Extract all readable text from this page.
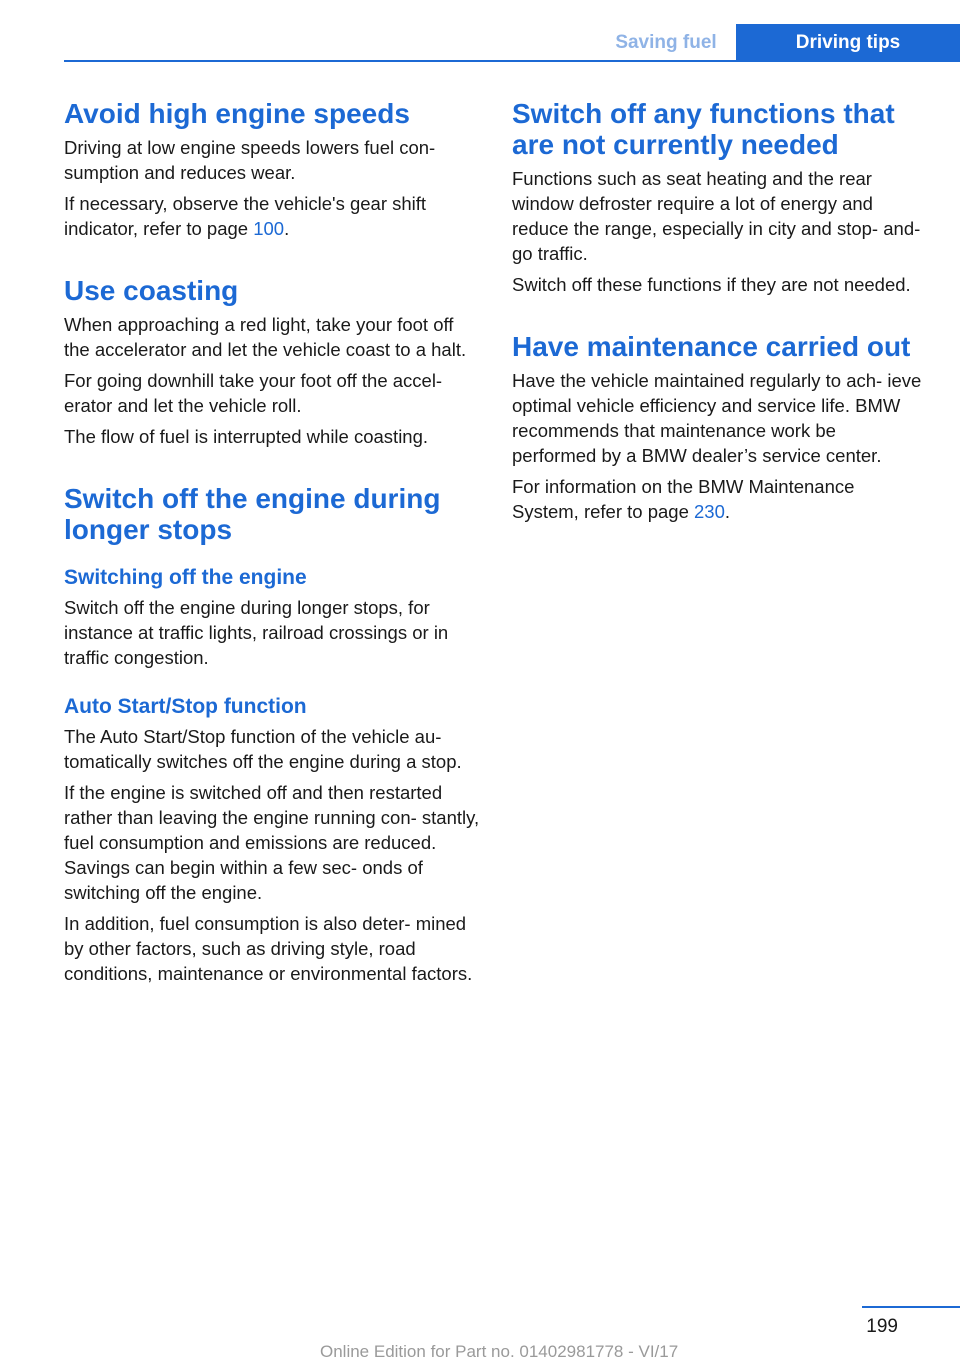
Saving fuel	Driving tips
Avoid high engine speeds

Driving at low engine speeds lowers fuel con- sumption and reduces wear.

If necessary, observe the vehicle's gear shift indicator, refer to page 100.

Use coasting

When approaching a red light, take your foot off the accelerator and let the vehicle coast to a halt.

For going downhill take your foot off the accel- erator and let the vehicle roll.

The flow of fuel is interrupted while coasting.

Switch off the engine during longer stops
Switching off the engine

Switch off the engine during longer stops, for instance at traffic lights, railroad crossings or in traffic congestion.

Auto Start/Stop function

The Auto Start/Stop function of the vehicle au- tomatically switches off the engine during a stop.

If the engine is switched off and then restarted rather than leaving the engine running con- stantly, fuel consumption and emissions are reduced. Savings can begin within a few sec- onds of switching off the engine.

In addition, fuel consumption is also deter- mined by other factors, such as driving style, road conditions, maintenance or environmental factors.

Switch off any functions that are not currently needed

Functions such as seat heating and the rear window defroster require a lot of energy and reduce the range, especially in city and stop- and-go traffic.

Switch off these functions if they are not needed.

Have maintenance carried out

Have the vehicle maintained regularly to ach- ieve optimal vehicle efficiency and service life. BMW recommends that maintenance work be performed by a BMW dealer’s service center.

For information on the BMW Maintenance System, refer to page 230.

199
Online Edition for Part no. 01402981778 - VI/17
